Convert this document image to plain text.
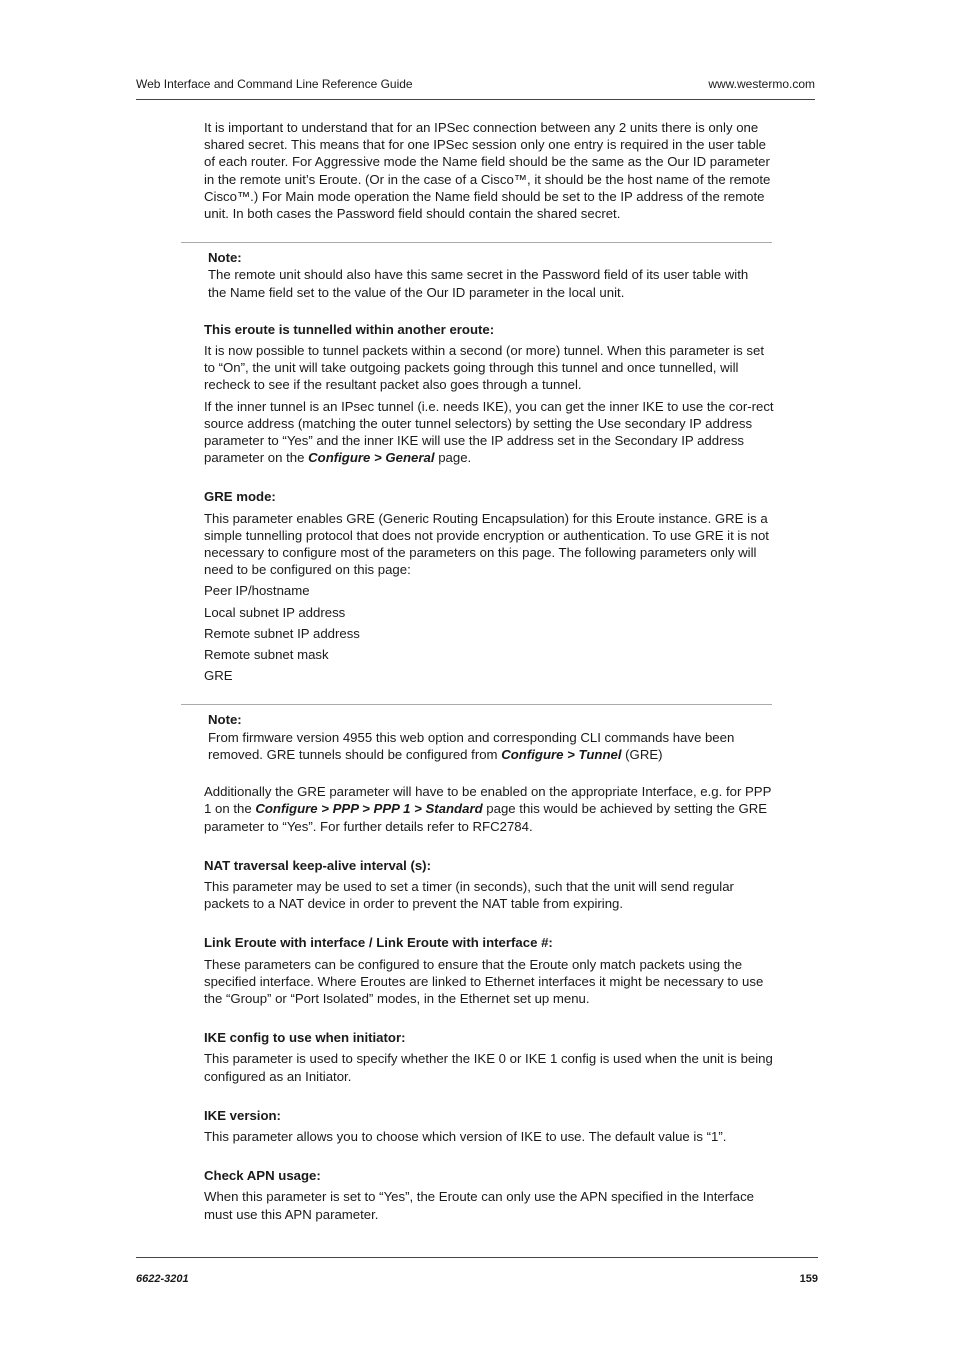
Web Interface and Command Line Reference Guide	www.westermo.com

It is important to understand that for an IPSec connection between any 2 units there is only one shared secret. This means that for one IPSec session only one entry is required in the user table of each router. For Aggressive mode the Name field should be the same as the Our ID parameter in the remote unit’s Eroute. (Or in the case of a Cisco™, it should be the host name of the remote Cisco™.) For Main mode operation the Name field should be set to the IP address of the remote unit. In both cases the Password field should contain the shared secret.

Note:

The remote unit should also have this same secret in the Password field of its user table with the Name field set to the value of the Our ID parameter in the local unit.

This eroute is tunnelled within another eroute:

It is now possible to tunnel packets within a second (or more) tunnel. When this parameter is set to “On”, the unit will take outgoing packets going through this tunnel and once tunnelled, will recheck to see if the resultant packet also goes through a tunnel.

If the inner tunnel is an IPsec tunnel (i.e. needs IKE), you can get the inner IKE to use the cor-rect source address (matching the outer tunnel selectors) by setting the Use secondary IP address parameter to “Yes” and the inner IKE will use the IP address set in the Secondary IP address parameter on the Configure > General page.

GRE mode:

This parameter enables GRE (Generic Routing Encapsulation) for this Eroute instance. GRE is a simple tunnelling protocol that does not provide encryption or authentication. To use GRE it is not necessary to configure most of the parameters on this page. The following parameters only will need to be configured on this page:

Peer IP/hostname

Local subnet IP address

Remote subnet IP address

Remote subnet mask

GRE

Note:

From firmware version 4955 this web option and corresponding CLI commands have been removed. GRE tunnels should be configured from Configure > Tunnel (GRE)

Additionally the GRE parameter will have to be enabled on the appropriate Interface, e.g. for PPP 1 on the Configure > PPP > PPP 1 > Standard page this would be achieved by setting the GRE parameter to “Yes”. For further details refer to RFC2784.

NAT traversal keep-alive interval (s):

This parameter may be used to set a timer (in seconds), such that the unit will send regular packets to a NAT device in order to prevent the NAT table from expiring.

Link Eroute with interface / Link Eroute with interface #:

These parameters can be configured to ensure that the Eroute only match packets using the specified interface. Where Eroutes are linked to Ethernet interfaces it might be necessary to use the “Group” or “Port Isolated” modes, in the Ethernet set up menu.

IKE config to use when initiator:

This parameter is used to specify whether the IKE 0 or IKE 1 config is used when the unit is being configured as an Initiator.

IKE version:

This parameter allows you to choose which version of IKE to use. The default value is “1”.

Check APN usage:

When this parameter is set to “Yes”, the Eroute can only use the APN specified in the Interface must use this APN parameter.

6622-3201	159
